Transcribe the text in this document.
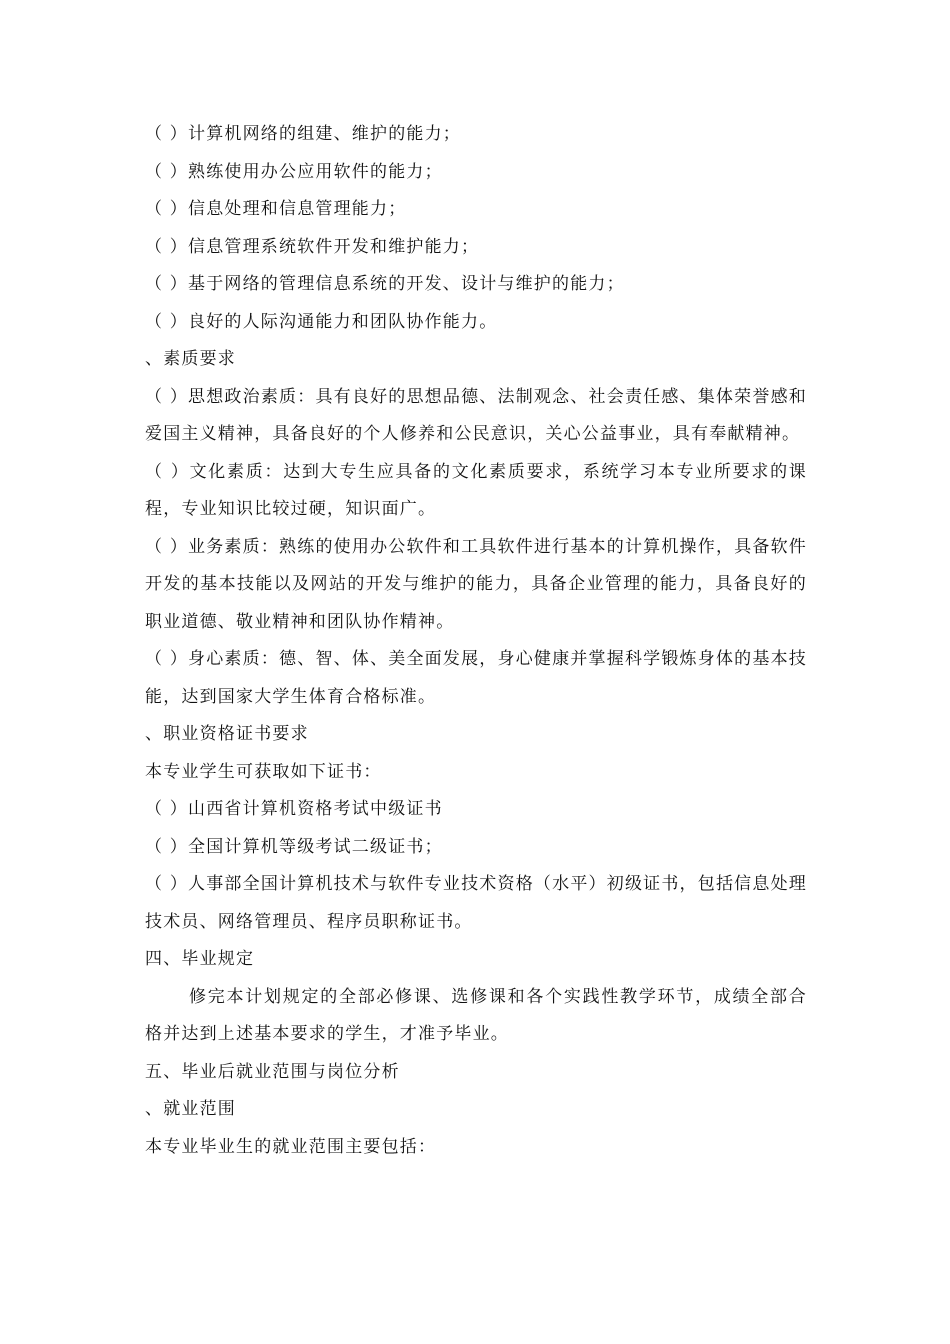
（ ）计算机网络的组建、维护的能力；
（ ）熟练使用办公应用软件的能力；
（ ）信息处理和信息管理能力；
（ ）信息管理系统软件开发和维护能力；
（ ）基于网络的管理信息系统的开发、设计与维护的能力；
（ ）良好的人际沟通能力和团队协作能力。
、素质要求
（ ）思想政治素质：具有良好的思想品德、法制观念、社会责任感、集体荣誉感和爱国主义精神，具备良好的个人修养和公民意识，关心公益事业，具有奉献精神。
（ ）文化素质：达到大专生应具备的文化素质要求，系统学习本专业所要求的课程，专业知识比较过硬，知识面广。
（ ）业务素质：熟练的使用办公软件和工具软件进行基本的计算机操作，具备软件开发的基本技能以及网站的开发与维护的能力，具备企业管理的能力，具备良好的职业道德、敬业精神和团队协作精神。
（ ）身心素质：德、智、体、美全面发展，身心健康并掌握科学锻炼身体的基本技能，达到国家大学生体育合格标准。
、职业资格证书要求
本专业学生可获取如下证书：
（ ）山西省计算机资格考试中级证书
（ ）全国计算机等级考试二级证书；
（ ）人事部全国计算机技术与软件专业技术资格（水平）初级证书，包括信息处理技术员、网络管理员、程序员职称证书。
四、毕业规定
修完本计划规定的全部必修课、选修课和各个实践性教学环节，成绩全部合格并达到上述基本要求的学生，才准予毕业。
五、毕业后就业范围与岗位分析
、就业范围
本专业毕业生的就业范围主要包括：
